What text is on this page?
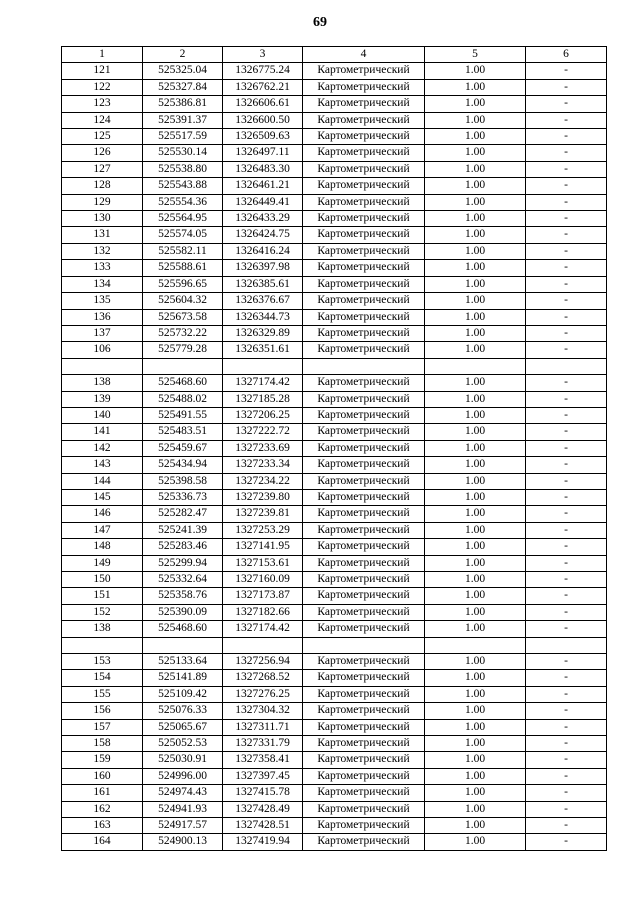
69
1	2	3	4	5	6
121	525325.04	1326775.24	Картометрический	1.00	-
122	525327.84	1326762.21	Картометрический	1.00	-
123	525386.81	1326606.61	Картометрический	1.00	-
124	525391.37	1326600.50	Картометрический	1.00	-
125	525517.59	1326509.63	Картометрический	1.00	-
126	525530.14	1326497.11	Картометрический	1.00	-
127	525538.80	1326483.30	Картометрический	1.00	-
128	525543.88	1326461.21	Картометрический	1.00	-
129	525554.36	1326449.41	Картометрический	1.00	-
130	525564.95	1326433.29	Картометрический	1.00	-
131	525574.05	1326424.75	Картометрический	1.00	-
132	525582.11	1326416.24	Картометрический	1.00	-
133	525588.61	1326397.98	Картометрический	1.00	-
134	525596.65	1326385.61	Картометрический	1.00	-
135	525604.32	1326376.67	Картометрический	1.00	-
136	525673.58	1326344.73	Картометрический	1.00	-
137	525732.22	1326329.89	Картометрический	1.00	-
106	525779.28	1326351.61	Картометрический	1.00	-

138	525468.60	1327174.42	Картометрический	1.00	-
139	525488.02	1327185.28	Картометрический	1.00	-
140	525491.55	1327206.25	Картометрический	1.00	-
141	525483.51	1327222.72	Картометрический	1.00	-
142	525459.67	1327233.69	Картометрический	1.00	-
143	525434.94	1327233.34	Картометрический	1.00	-
144	525398.58	1327234.22	Картометрический	1.00	-
145	525336.73	1327239.80	Картометрический	1.00	-
146	525282.47	1327239.81	Картометрический	1.00	-
147	525241.39	1327253.29	Картометрический	1.00	-
148	525283.46	1327141.95	Картометрический	1.00	-
149	525299.94	1327153.61	Картометрический	1.00	-
150	525332.64	1327160.09	Картометрический	1.00	-
151	525358.76	1327173.87	Картометрический	1.00	-
152	525390.09	1327182.66	Картометрический	1.00	-
138	525468.60	1327174.42	Картометрический	1.00	-

153	525133.64	1327256.94	Картометрический	1.00	-
154	525141.89	1327268.52	Картометрический	1.00	-
155	525109.42	1327276.25	Картометрический	1.00	-
156	525076.33	1327304.32	Картометрический	1.00	-
157	525065.67	1327311.71	Картометрический	1.00	-
158	525052.53	1327331.79	Картометрический	1.00	-
159	525030.91	1327358.41	Картометрический	1.00	-
160	524996.00	1327397.45	Картометрический	1.00	-
161	524974.43	1327415.78	Картометрический	1.00	-
162	524941.93	1327428.49	Картометрический	1.00	-
163	524917.57	1327428.51	Картометрический	1.00	-
164	524900.13	1327419.94	Картометрический	1.00	-
